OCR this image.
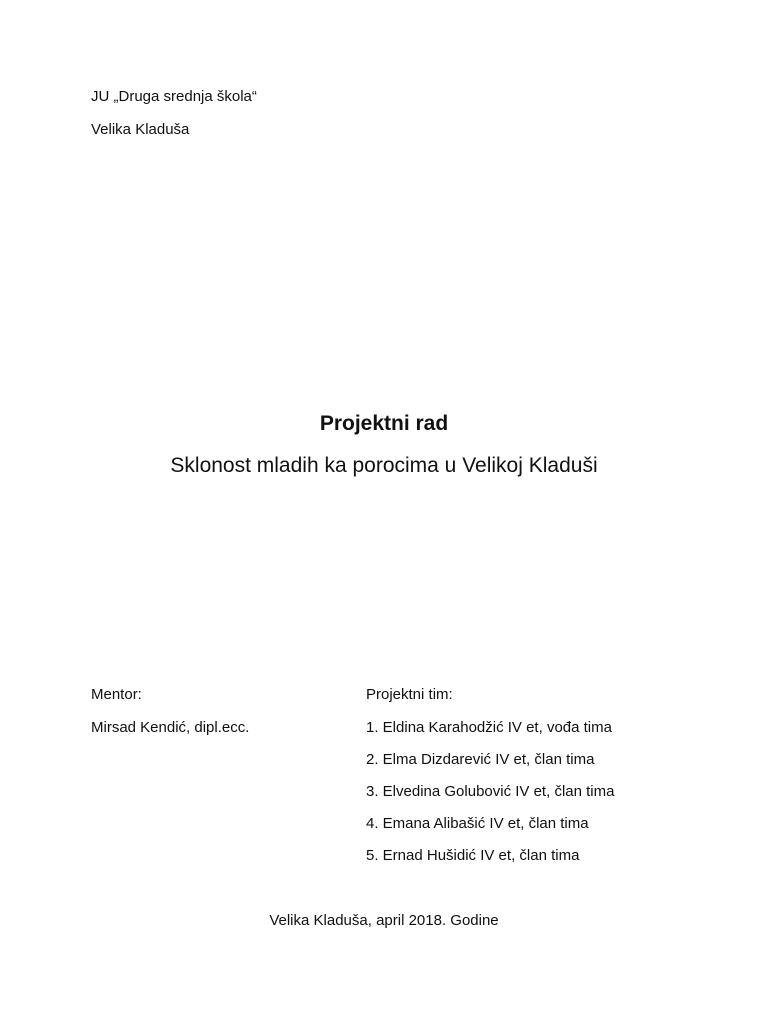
JU „Druga srednja škola“
Velika Kladuša
Projektni rad
Sklonost mladih ka porocima u Velikoj Kladuši
Mentor:
Mirsad Kendić, dipl.ecc.
Projektni tim:
1. Eldina Karahodžić IV et, vođa tima
2. Elma Dizdarević IV et, član tima
3. Elvedina Golubović IV et, član tima
4. Emana Alibašić IV et, član tima
5. Ernad Hušidić IV et, član tima
Velika Kladuša, april 2018. Godine
